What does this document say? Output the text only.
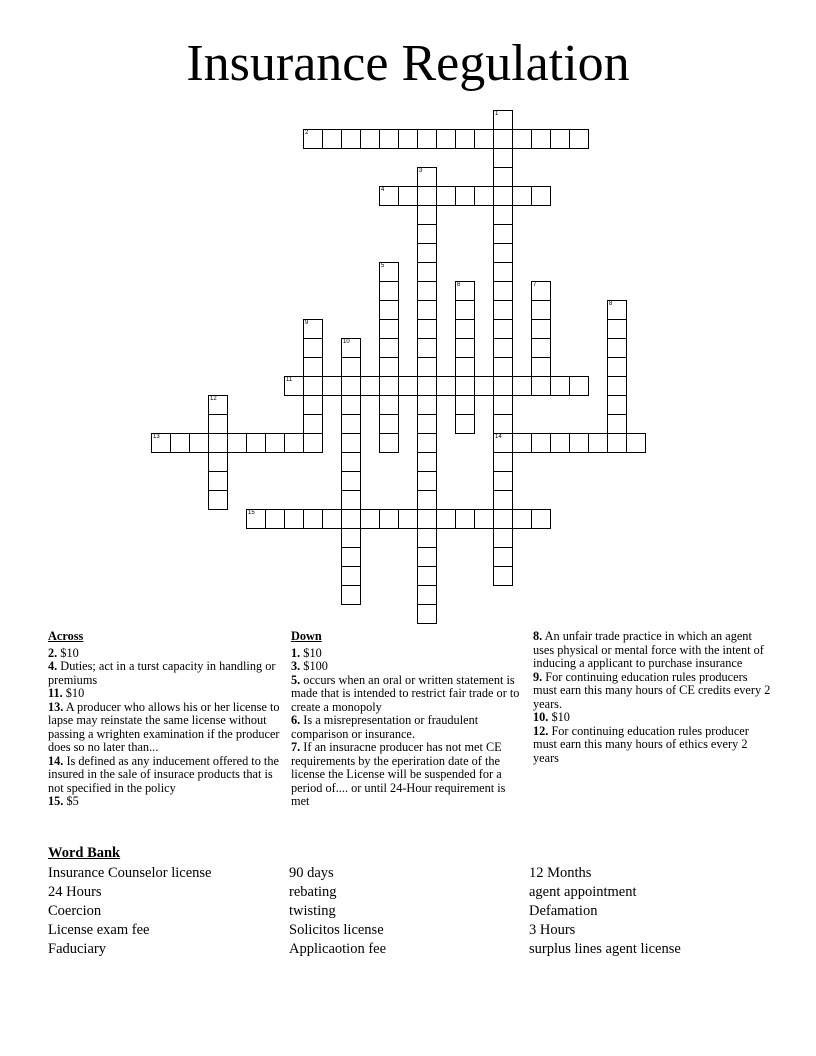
Insurance Regulation
1
14
2
3
4
5
6	7
8
9
10
11
12
13
15
Across

2. $10

4. Duties; act in a turst capacity in handling or premiums

11. $10

13. A producer who allows his or her license to lapse may reinstate the same license without passing a wrighten examination if the producer does so no later than...

14. Is defined as any inducement offered to the insured in the sale of insurace products that is not specified in the policy

15. $5

Down

1. $10

3. $100

5. occurs when an oral or written statement is made that is intended to restrict fair trade or to create a monopoly

6. Is a misrepresentation or fraudulent comparison or insurance.

7. If an insuracne producer has not met CE requirements by the eperiration date of the license the License will be suspended for a period of.... or until 24-Hour requirement is met

8. An unfair trade practice in which an agent uses physical or mental force with the intent of inducing a applicant to purchase insurance

9. For continuing education rules producers must earn this many hours of CE credits every 2 years.

10. $10

12. For continuing education rules producer must earn this many hours of ethics every 2 years

Word Bank

Insurance Counselor license

24 Hours

Coercion

License exam fee

Faduciary

90 days

rebating

twisting

Solicitos license

Applicaotion fee

12 Months

agent appointment

Defamation

3 Hours

surplus lines agent license
